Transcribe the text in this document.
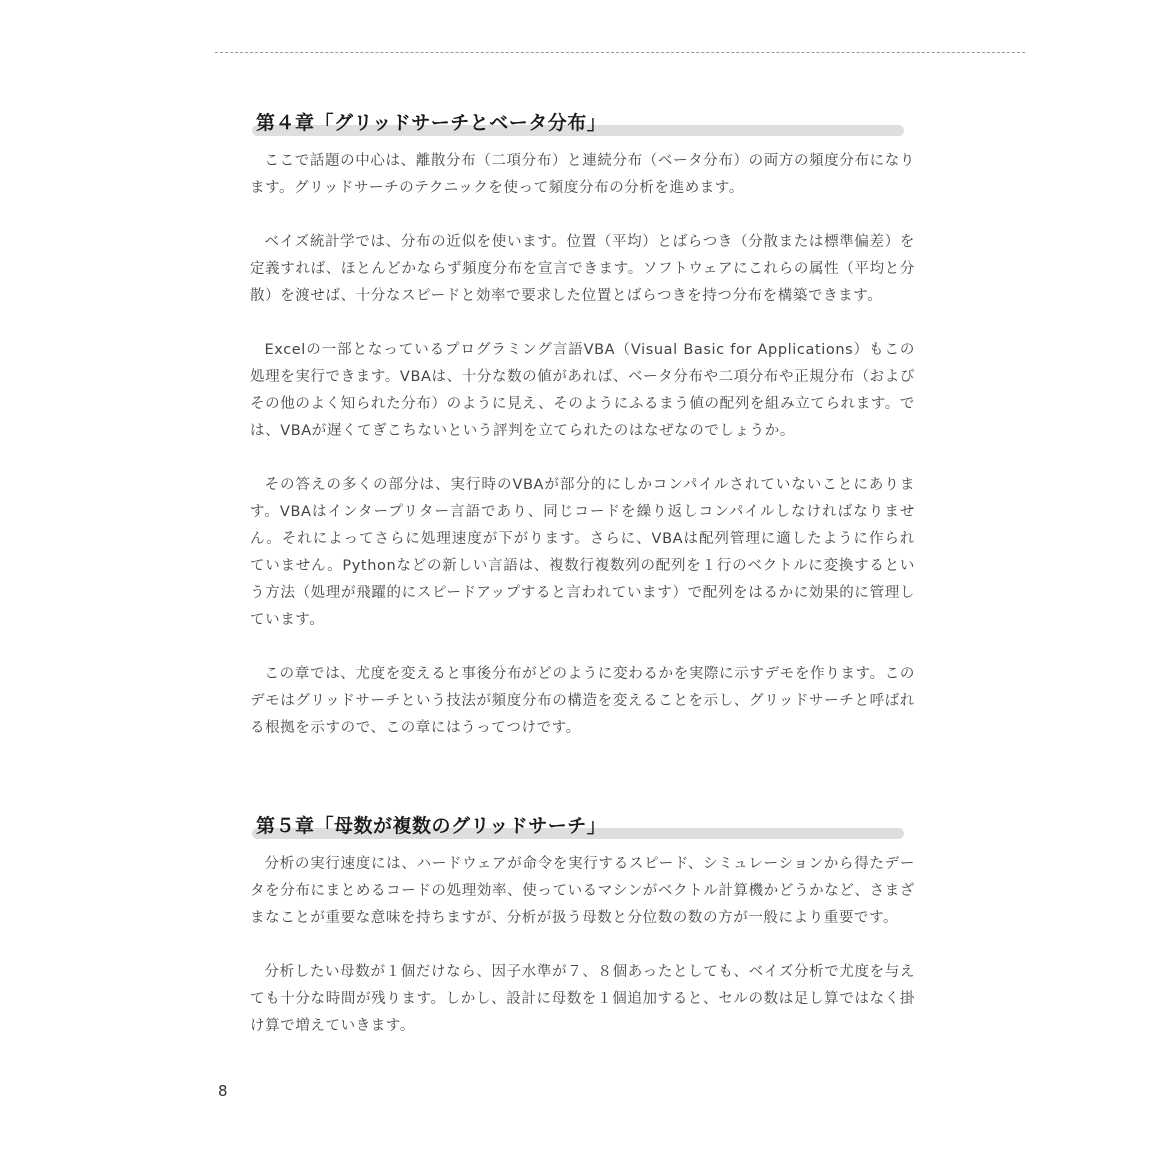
第４章「グリッドサーチとベータ分布」

ここで話題の中心は、離散分布（二項分布）と連続分布（ベータ分布）の両方の頻度分布になります。グリッドサーチのテクニックを使って頻度分布の分析を進めます。

ベイズ統計学では、分布の近似を使います。位置（平均）とばらつき（分散または標準偏差）を定義すれば、ほとんどかならず頻度分布を宣言できます。ソフトウェアにこれらの属性（平均と分散）を渡せば、十分なスピードと効率で要求した位置とばらつきを持つ分布を構築できます。

Excelの一部となっているプログラミング言語VBA（Visual Basic for Applications）もこの処理を実行できます。VBAは、十分な数の値があれば、ベータ分布や二項分布や正規分布（およびその他のよく知られた分布）のように見え、そのようにふるまう値の配列を組み立てられます。では、VBAが遅くてぎこちないという評判を立てられたのはなぜなのでしょうか。

その答えの多くの部分は、実行時のVBAが部分的にしかコンパイルされていないことにあります。VBAはインタープリター言語であり、同じコードを繰り返しコンパイルしなければなりません。それによってさらに処理速度が下がります。さらに、VBAは配列管理に適したように作られていません。Pythonなどの新しい言語は、複数行複数列の配列を１行のベクトルに変換するという方法（処理が飛躍的にスピードアップすると言われています）で配列をはるかに効果的に管理しています。

この章では、尤度を変えると事後分布がどのように変わるかを実際に示すデモを作ります。このデモはグリッドサーチという技法が頻度分布の構造を変えることを示し、グリッドサーチと呼ばれる根拠を示すので、この章にはうってつけです。

第５章「母数が複数のグリッドサーチ」

分析の実行速度には、ハードウェアが命令を実行するスピード、シミュレーションから得たデータを分布にまとめるコードの処理効率、使っているマシンがベクトル計算機かどうかなど、さまざまなことが重要な意味を持ちますが、分析が扱う母数と分位数の数の方が一般により重要です。

分析したい母数が１個だけなら、因子水準が７、８個あったとしても、ベイズ分析で尤度を与えても十分な時間が残ります。しかし、設計に母数を１個追加すると、セルの数は足し算ではなく掛け算で増えていきます。

8
